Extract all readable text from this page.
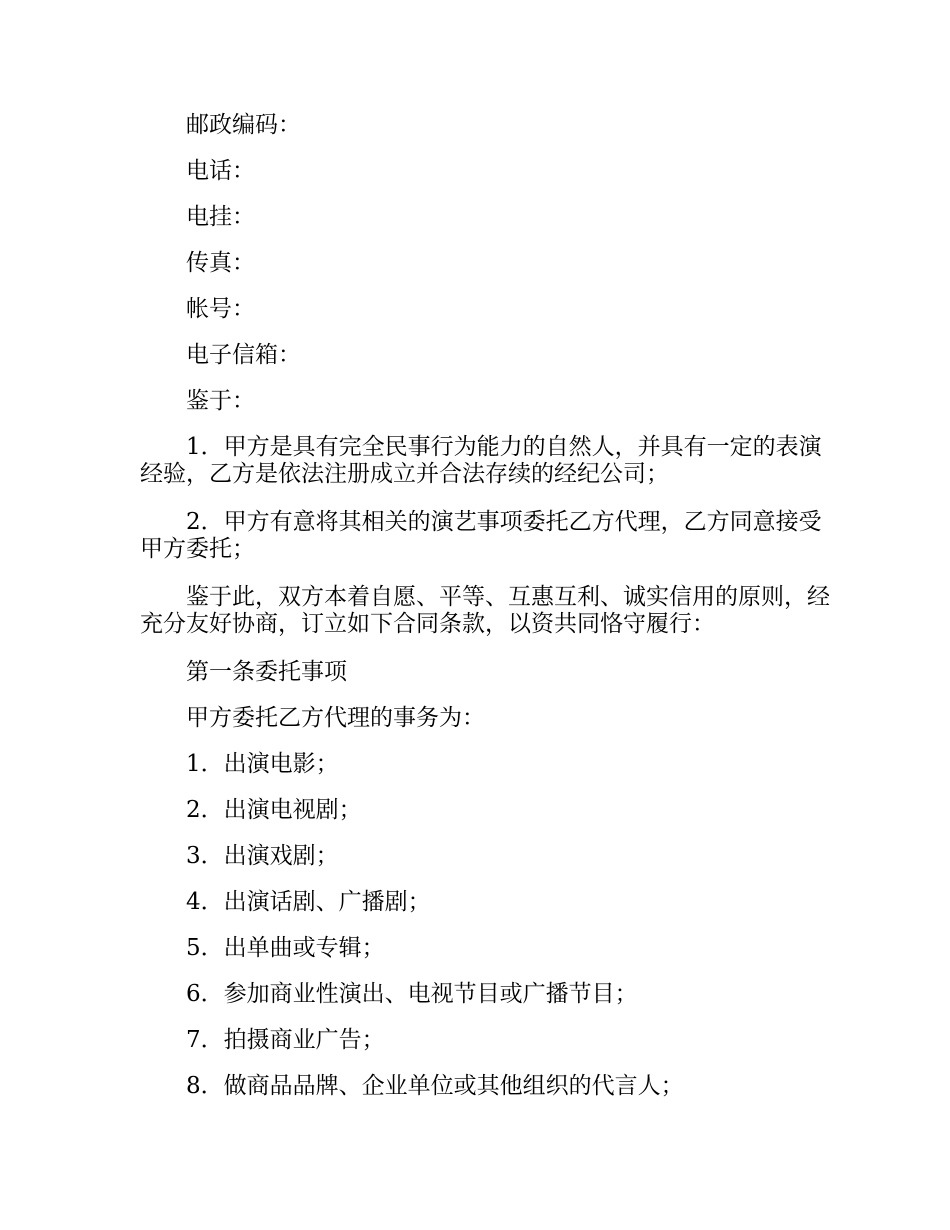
邮政编码：

电话：

电挂：

传真：

帐号：

电子信箱：

鉴于：

1．甲方是具有完全民事行为能力的自然人，并具有一定的表演经验，乙方是依法注册成立并合法存续的经纪公司；

2．甲方有意将其相关的演艺事项委托乙方代理，乙方同意接受甲方委托；

鉴于此，双方本着自愿、平等、互惠互利、诚实信用的原则，经充分友好协商，订立如下合同条款，以资共同恪守履行：

第一条委托事项

甲方委托乙方代理的事务为：

1．出演电影；

2．出演电视剧；

3．出演戏剧；

4．出演话剧、广播剧；

5．出单曲或专辑；

6．参加商业性演出、电视节目或广播节目；

7．拍摄商业广告；

8．做商品品牌、企业单位或其他组织的代言人；
